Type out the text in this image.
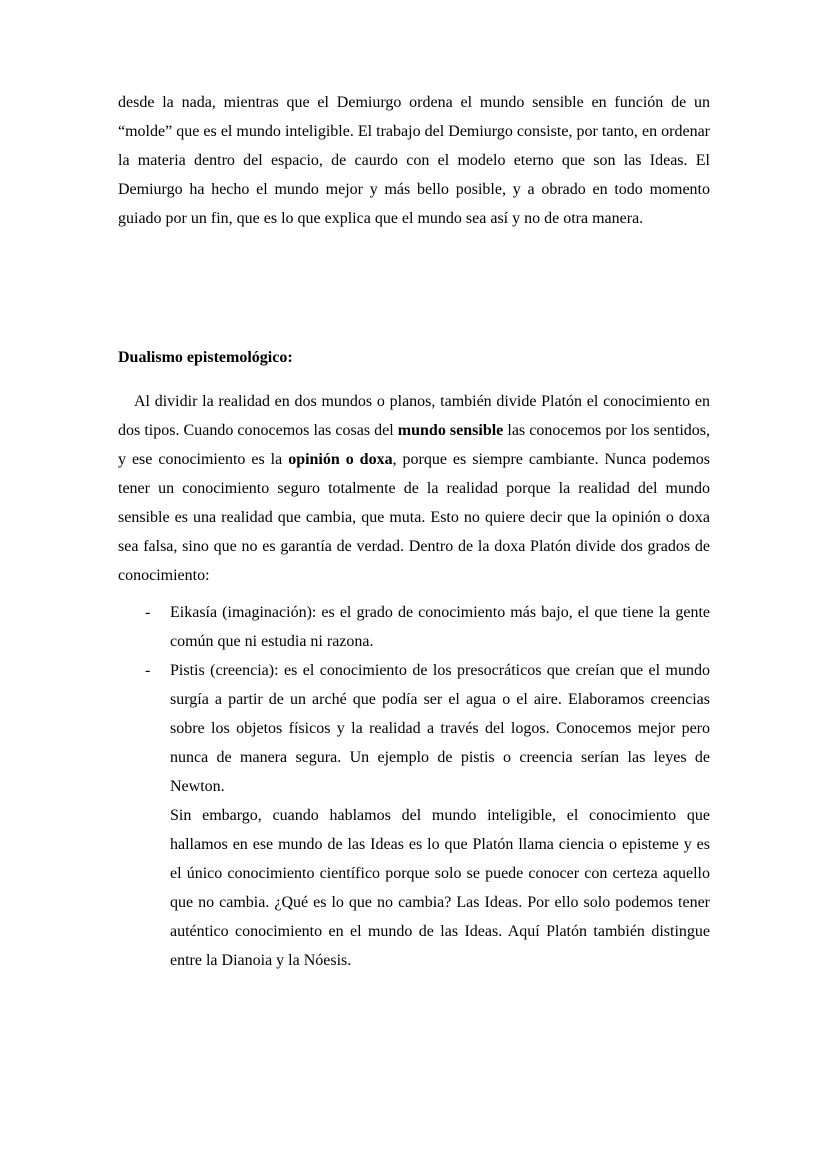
desde la nada, mientras que el Demiurgo ordena el mundo sensible en función de un “molde” que es el mundo inteligible. El trabajo del Demiurgo consiste, por tanto, en ordenar la materia dentro del espacio, de caurdo con el modelo eterno que son las Ideas. El Demiurgo ha hecho el mundo mejor y más bello posible, y a obrado en todo momento guiado por un fin, que es lo que explica que el mundo sea así y no de otra manera.

Dualismo epistemológico:

Al dividir la realidad en dos mundos o planos, también divide Platón el conocimiento en dos tipos. Cuando conocemos las cosas del mundo sensible las conocemos por los sentidos, y ese conocimiento es la opinión o doxa, porque es siempre cambiante. Nunca podemos tener un conocimiento seguro totalmente de la realidad porque la realidad del mundo sensible es una realidad que cambia, que muta. Esto no quiere decir que la opinión o doxa sea falsa, sino que no es garantía de verdad. Dentro de la doxa Platón divide dos grados de conocimiento:

- Eikasía (imaginación): es el grado de conocimiento más bajo, el que tiene la gente común que ni estudia ni razona.
- Pistis (creencia): es el conocimiento de los presocráticos que creían que el mundo surgía a partir de un arché que podía ser el agua o el aire. Elaboramos creencias sobre los objetos físicos y la realidad a través del logos. Conocemos mejor pero nunca de manera segura. Un ejemplo de pistis o creencia serían las leyes de Newton.

Sin embargo, cuando hablamos del mundo inteligible, el conocimiento que hallamos en ese mundo de las Ideas es lo que Platón llama ciencia o episteme y es el único conocimiento científico porque solo se puede conocer con certeza aquello que no cambia. ¿Qué es lo que no cambia? Las Ideas. Por ello solo podemos tener auténtico conocimiento en el mundo de las Ideas. Aquí Platón también distingue entre la Dianoia y la Nóesis.
